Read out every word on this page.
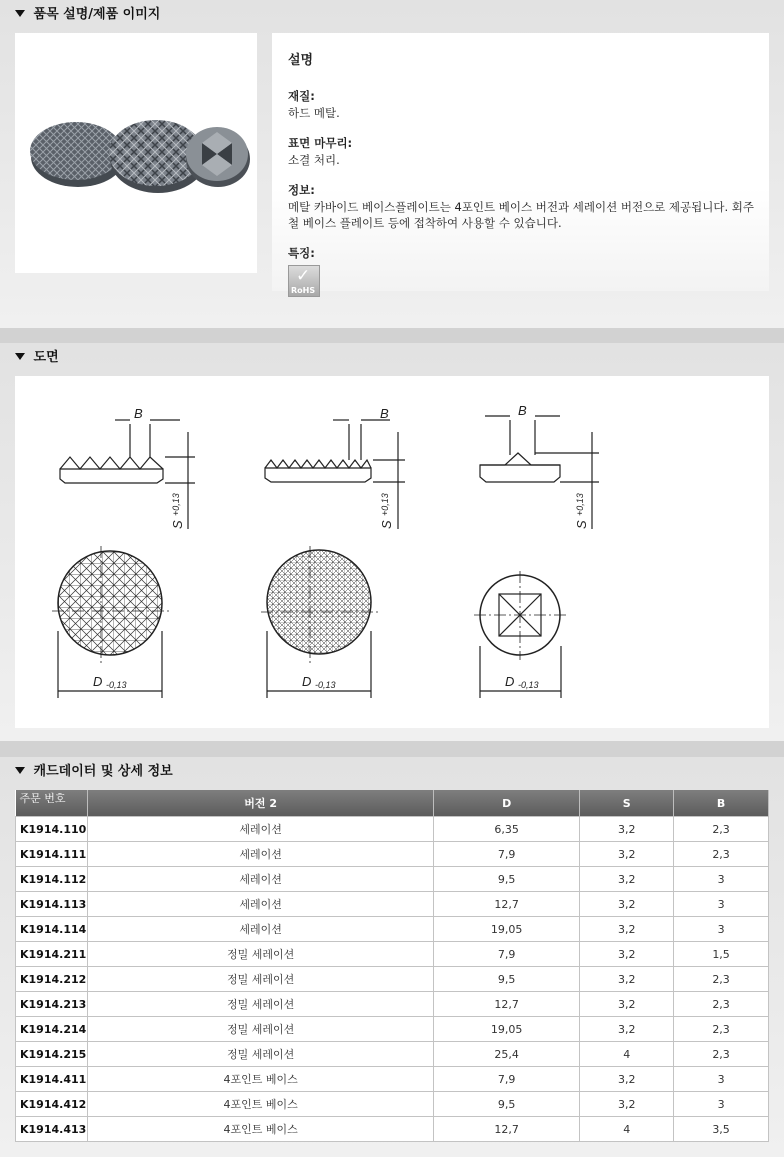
품목 설명/제품 이미지
설명
재질:
하드 메탈.
표면 마무리:
소결 처리.
정보:
메탈 카바이드 베이스플레이트는 4포인트 베이스 버전과 세레이션 버전으로 제공됩니다. 회주철 베이스 플레이트 등에 접착하여 사용할 수 있습니다.
특징:
✓
RoHS
도면
B
S
+0,13
B
S
+0,13
B
S
+0,13
D -0,13	D -0,13	D -0,13
캐드데이터 및 상세 정보
주문 번호	버전 2	D	S	B
K1914.110	세레이션	6,35	3,2	2,3
K1914.111	세레이션	7,9	3,2	2,3
K1914.112	세레이션	9,5	3,2	3
K1914.113	세레이션	12,7	3,2	3
K1914.114	세레이션	19,05	3,2	3
K1914.211	정밀 세레이션	7,9	3,2	1,5
K1914.212	정밀 세레이션	9,5	3,2	2,3
K1914.213	정밀 세레이션	12,7	3,2	2,3
K1914.214	정밀 세레이션	19,05	3,2	2,3
K1914.215	정밀 세레이션	25,4	4	2,3
K1914.411	4포인트 베이스	7,9	3,2	3
K1914.412	4포인트 베이스	9,5	3,2	3
K1914.413	4포인트 베이스	12,7	4	3,5
